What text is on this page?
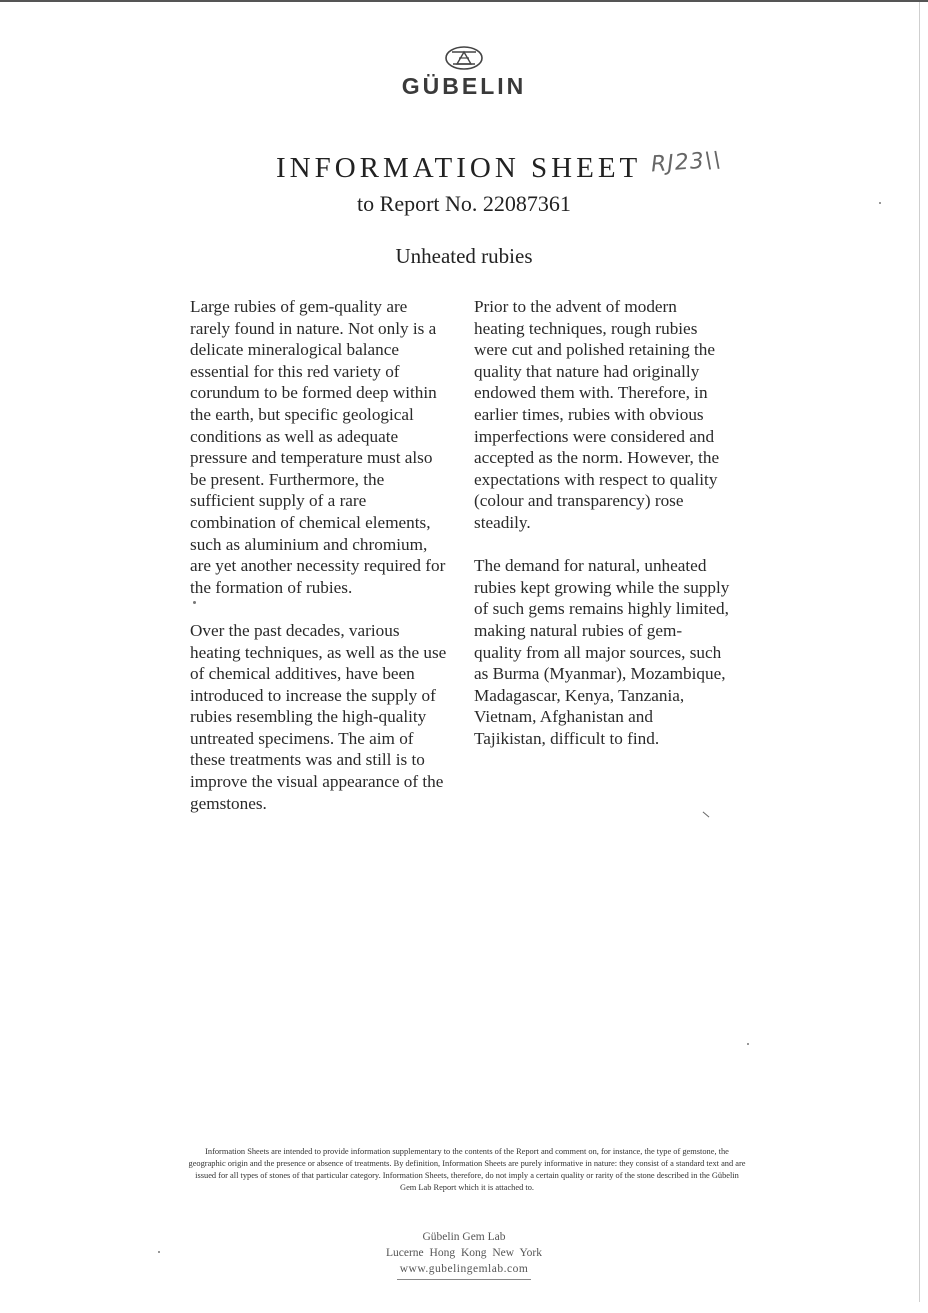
GÜBELIN
INFORMATION SHEET RJ23\\
to Report No. 22087361
Unheated rubies

Large rubies of gem-quality are
rarely found in nature. Not only is a
delicate mineralogical balance
essential for this red variety of
corundum to be formed deep within
the earth, but specific geological
conditions as well as adequate
pressure and temperature must also
be present. Furthermore, the
sufficient supply of a rare
combination of chemical elements,
such as aluminium and chromium,
are yet another necessity required for
the formation of rubies.

Over the past decades, various
heating techniques, as well as the use
of chemical additives, have been
introduced to increase the supply of
rubies resembling the high-quality
untreated specimens. The aim of
these treatments was and still is to
improve the visual appearance of the
gemstones.

Prior to the advent of modern
heating techniques, rough rubies
were cut and polished retaining the
quality that nature had originally
endowed them with. Therefore, in
earlier times, rubies with obvious
imperfections were considered and
accepted as the norm. However, the
expectations with respect to quality
(colour and transparency) rose
steadily.

The demand for natural, unheated
rubies kept growing while the supply
of such gems remains highly limited,
making natural rubies of gem-
quality from all major sources, such
as Burma (Myanmar), Mozambique,
Madagascar, Kenya, Tanzania,
Vietnam, Afghanistan and
Tajikistan, difficult to find.

Information Sheets are intended to provide information supplementary to the contents of the Report and comment on, for instance, the type of gemstone, the geographic origin and the presence or absence of treatments. By definition, Information Sheets are purely informative in nature: they consist of a standard text and are issued for all types of stones of that particular category. Information Sheets, therefore, do not imply a certain quality or rarity of the stone described in the Gübelin Gem Lab Report which it is attached to.
Gübelin Gem Lab
Lucerne Hong Kong New York
www.gubelingemlab.com
